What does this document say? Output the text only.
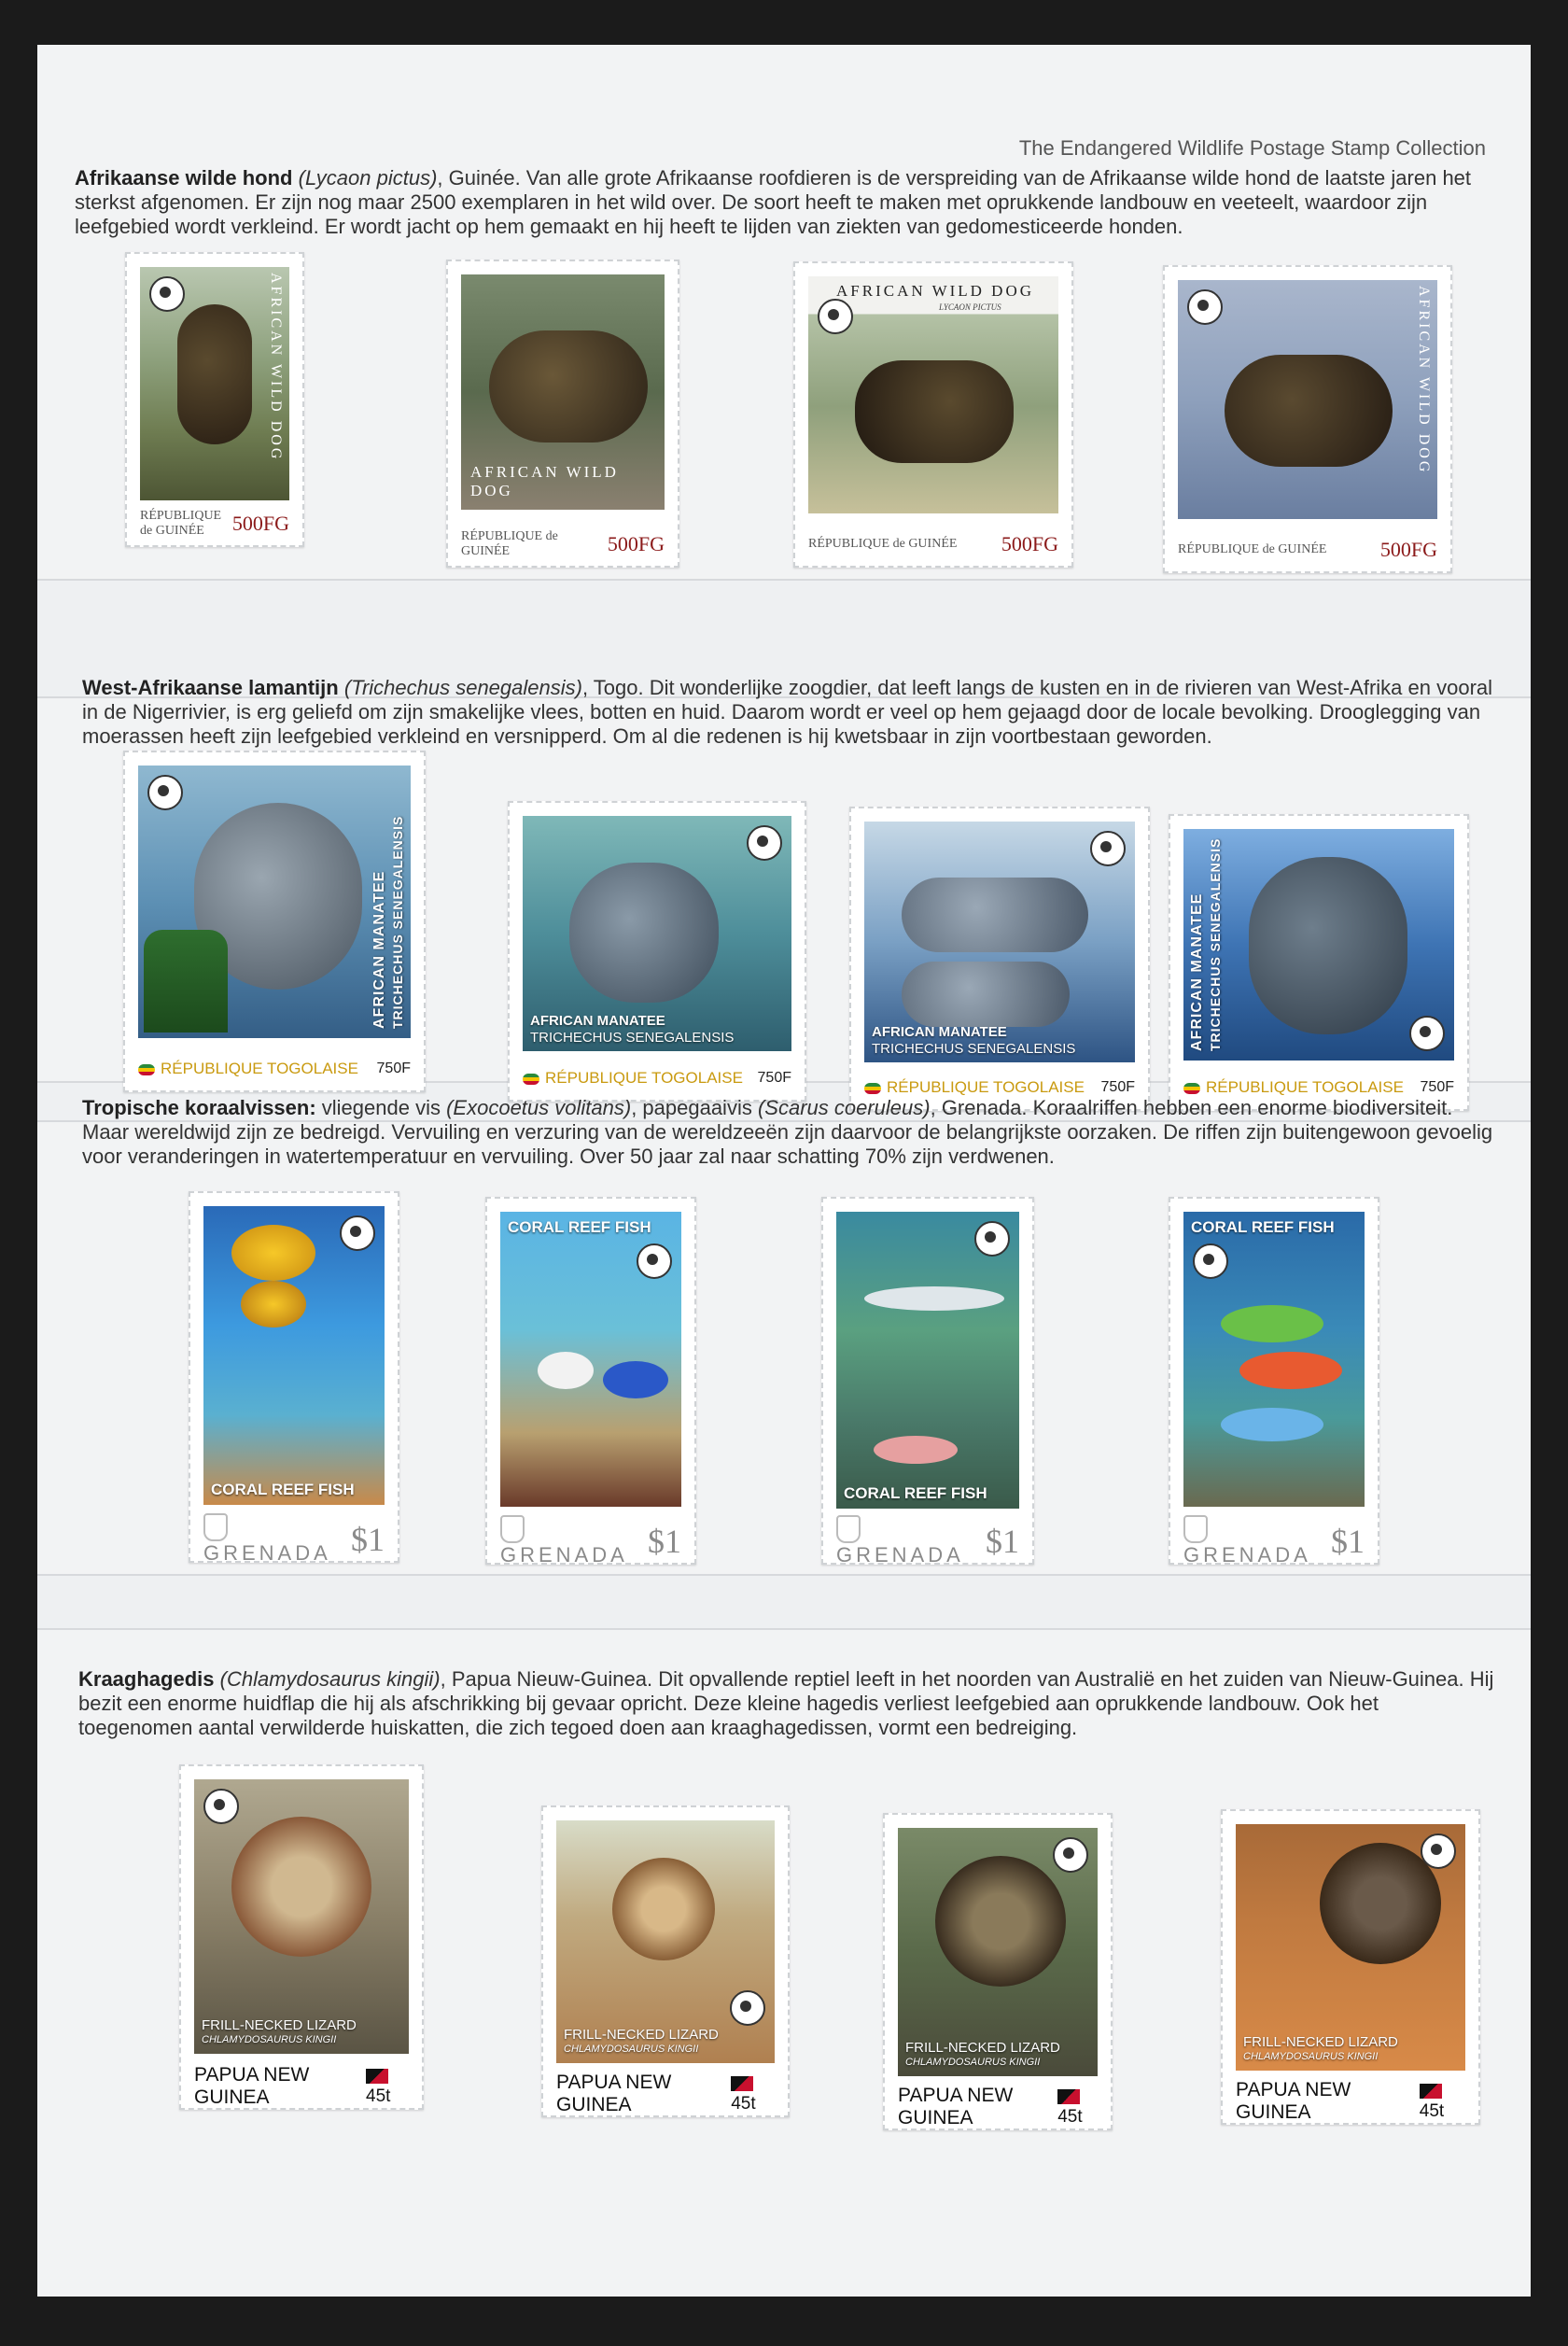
The Endangered Wildlife Postage Stamp Collection
Afrikaanse wilde hond (Lycaon pictus), Guinée. Van alle grote Afrikaanse roofdieren is de verspreiding van de Afrikaanse wilde hond de laatste jaren het sterkst afgenomen. Er zijn nog maar 2500 exemplaren in het wild over. De soort heeft te maken met oprukkende landbouw en veeteelt, waardoor zijn leefgebied wordt verkleind. Er wordt jacht op hem gemaakt en hij heeft te lijden van ziekten van gedomesticeerde honden.
AFRICAN WILD DOG
RÉPUBLIQUE de GUINÉE	500FG
AFRICAN WILD DOG
RÉPUBLIQUE de GUINÉE	500FG
AFRICAN WILD DOG
LYCAON PICTUS
RÉPUBLIQUE de GUINÉE 500FG
AFRICAN WILD DOG
RÉPUBLIQUE de GUINÉE	500FG
West-Afrikaanse lamantijn (Trichechus senegalensis), Togo. Dit wonderlijke zoogdier, dat leeft langs de kusten en in de rivieren van West-Afrika en vooral in de Nigerrivier, is erg geliefd om zijn smakelijke vlees, botten en huid. Daarom wordt er veel op hem gejaagd door de locale bevolking. Drooglegging van moerassen heeft zijn leefgebied verkleind en versnipperd. Om al die redenen is hij kwetsbaar in zijn voortbestaan geworden.
AFRICAN MANATEE TRICHECHUS SENEGALENSIS
RÉPUBLIQUE TOGOLAISE 750F
AFRICAN MANATEE
TRICHECHUS SENEGALENSIS
RÉPUBLIQUE TOGOLAISE 750F
AFRICAN MANATEE
TRICHECHUS SENEGALENSIS
RÉPUBLIQUE TOGOLAISE 750F
AFRICAN MANATEE TRICHECHUS SENEGALENSIS
RÉPUBLIQUE TOGOLAISE 750F
Tropische koraalvissen: vliegende vis (Exocoetus volitans), papegaaivis (Scarus coeruleus), Grenada. Koraalriffen hebben een enorme biodiversiteit. Maar wereldwijd zijn ze bedreigd. Vervuiling en verzuring van de wereldzeeën zijn daarvoor de belangrijkste oorzaken. De riffen zijn buitengewoon gevoelig voor veranderingen in watertemperatuur en vervuiling. Over 50 jaar zal naar schatting 70% zijn verdwenen.
CORAL REEF FISH
GRENADA $1
CORAL REEF FISH
GRENADA $1
CORAL REEF FISH
GRENADA $1
CORAL REEF FISH
GRENADA $1
Kraaghagedis (Chlamydosaurus kingii), Papua Nieuw-Guinea. Dit opvallende reptiel leeft in het noorden van Australië en het zuiden van Nieuw-Guinea. Hij bezit een enorme huidflap die hij als afschrikking bij gevaar opricht. Deze kleine hagedis verliest leefgebied aan oprukkende landbouw. Ook het toegenomen aantal verwilderde huiskatten, die zich tegoed doen aan kraaghagedissen, vormt een bedreiging.
FRILL-NECKED LIZARD
CHLAMYDOSAURUS KINGII
PAPUA NEW GUINEA	45t
FRILL-NECKED LIZARD
CHLAMYDOSAURUS KINGII
PAPUA NEW GUINEA	45t
FRILL-NECKED LIZARD
CHLAMYDOSAURUS KINGII
PAPUA NEW GUINEA	45t
FRILL-NECKED LIZARD
CHLAMYDOSAURUS KINGII
PAPUA NEW GUINEA	45t
